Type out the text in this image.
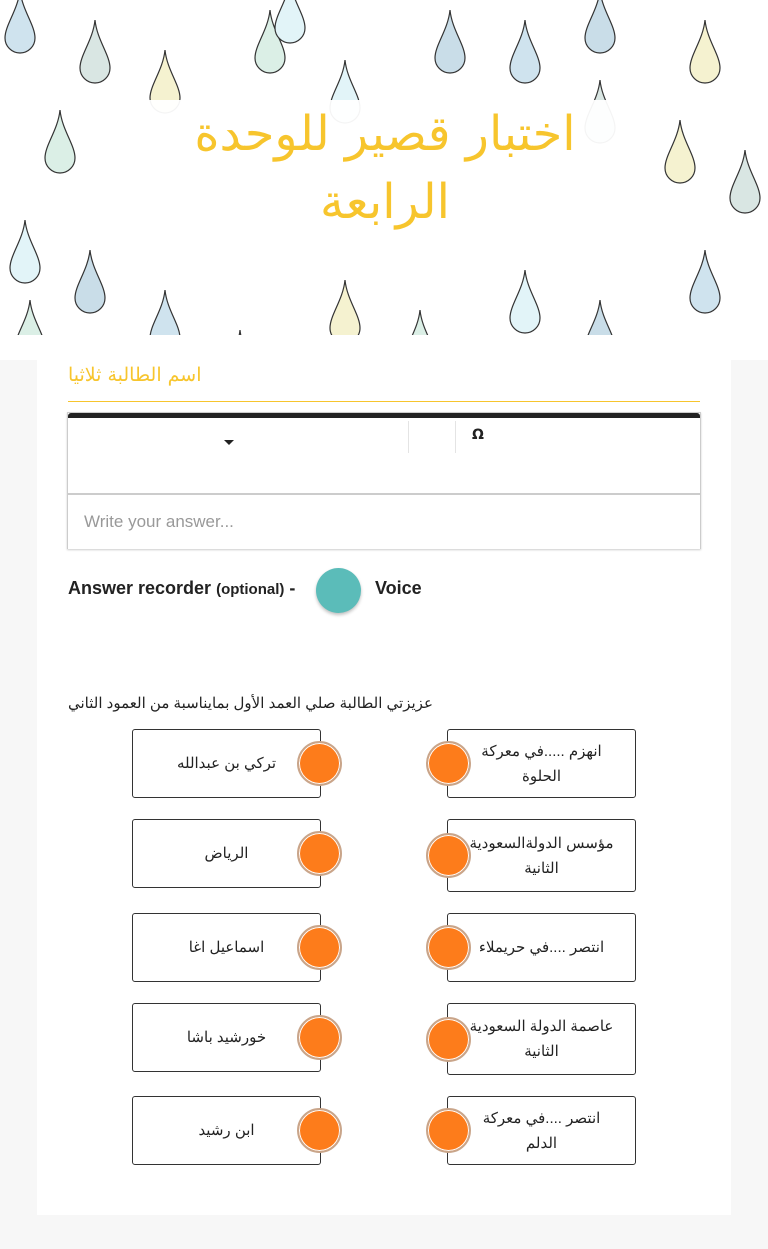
اختبار قصير للوحدة الرابعة
اسم الطالبة ثلاثيا
Ω
Write your answer...
Answer recorder (optional) -	Voice
عزيزتي الطالبة صلي العمد الأول بمايناسبة من العمود الثاني
تركي بن عبدالله
انهزم .....في معركة الحلوة
الرياض
مؤسس الدولةالسعودية الثانية
اسماعيل اغا	انتصر ....في حريملاء
خورشيد باشا
عاصمة الدولة السعودية الثانية
ابن رشيد
انتصر ....في معركة الدلم
